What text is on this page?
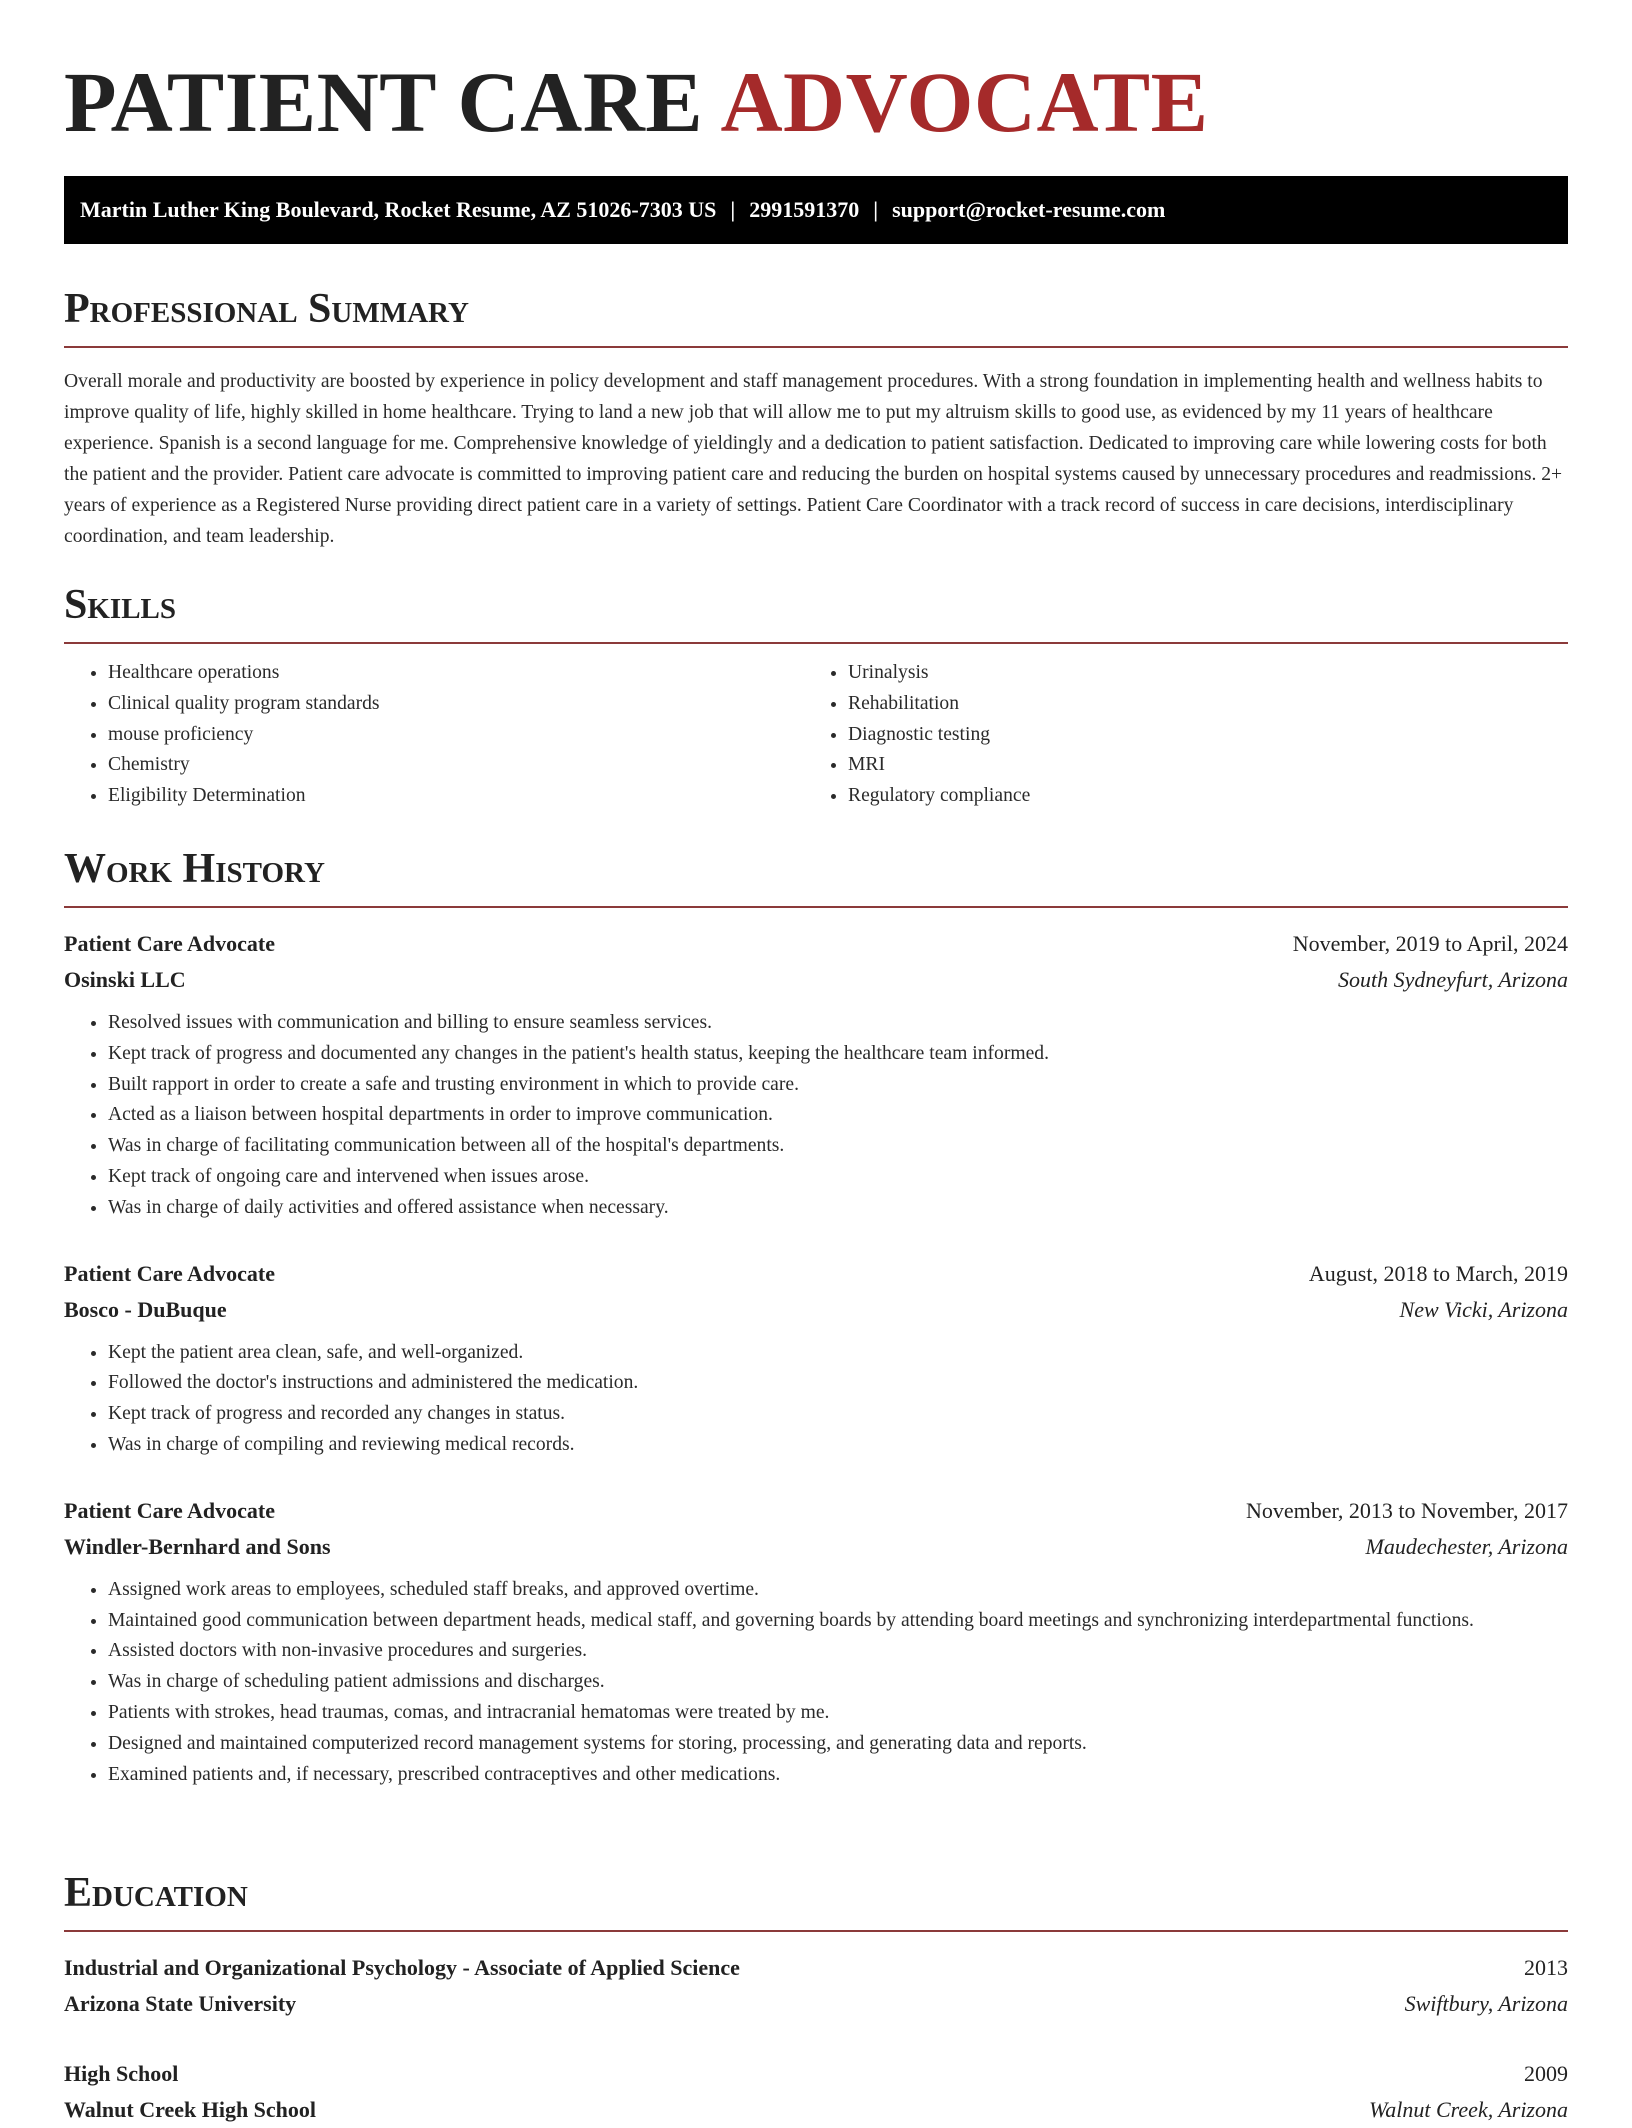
PATIENT CARE ADVOCATE
Martin Luther King Boulevard, Rocket Resume, AZ 51026-7303 US | 2991591370 | support@rocket-resume.com
Professional Summary

Overall morale and productivity are boosted by experience in policy development and staff management procedures. With a strong foundation in implementing health and wellness habits to improve quality of life, highly skilled in home healthcare. Trying to land a new job that will allow me to put my altruism skills to good use, as evidenced by my 11 years of healthcare experience. Spanish is a second language for me. Comprehensive knowledge of yieldingly and a dedication to patient satisfaction. Dedicated to improving care while lowering costs for both the patient and the provider. Patient care advocate is committed to improving patient care and reducing the burden on hospital systems caused by unnecessary procedures and readmissions. 2+ years of experience as a Registered Nurse providing direct patient care in a variety of settings. Patient Care Coordinator with a track record of success in care decisions, interdisciplinary coordination, and team leadership.

Skills
• Healthcare operations
• Clinical quality program standards
• mouse proficiency
• Chemistry
• Eligibility Determination
• Urinalysis
• Rehabilitation
• Diagnostic testing
• MRI
• Regulatory compliance
Work History
Patient Care Advocate	November, 2019 to April, 2024
Osinski LLC	South Sydneyfurt, Arizona
• Resolved issues with communication and billing to ensure seamless services.
• Kept track of progress and documented any changes in the patient's health status, keeping the healthcare team informed.
• Built rapport in order to create a safe and trusting environment in which to provide care.
• Acted as a liaison between hospital departments in order to improve communication.
• Was in charge of facilitating communication between all of the hospital's departments.
• Kept track of ongoing care and intervened when issues arose.
• Was in charge of daily activities and offered assistance when necessary.
Patient Care Advocate	August, 2018 to March, 2019
Bosco - DuBuque	New Vicki, Arizona
• Kept the patient area clean, safe, and well-organized.
• Followed the doctor's instructions and administered the medication.
• Kept track of progress and recorded any changes in status.
• Was in charge of compiling and reviewing medical records.
Patient Care Advocate	November, 2013 to November, 2017
Windler-Bernhard and Sons	Maudechester, Arizona
• Assigned work areas to employees, scheduled staff breaks, and approved overtime.
• Maintained good communication between department heads, medical staff, and governing boards by attending board meetings and synchronizing interdepartmental functions.
• Assisted doctors with non-invasive procedures and surgeries.
• Was in charge of scheduling patient admissions and discharges.
• Patients with strokes, head traumas, comas, and intracranial hematomas were treated by me.
• Designed and maintained computerized record management systems for storing, processing, and generating data and reports.
• Examined patients and, if necessary, prescribed contraceptives and other medications.
Education
Industrial and Organizational Psychology - Associate of Applied Science	2013
Arizona State University	Swiftbury, Arizona
High School	2009
Walnut Creek High School	Walnut Creek, Arizona
